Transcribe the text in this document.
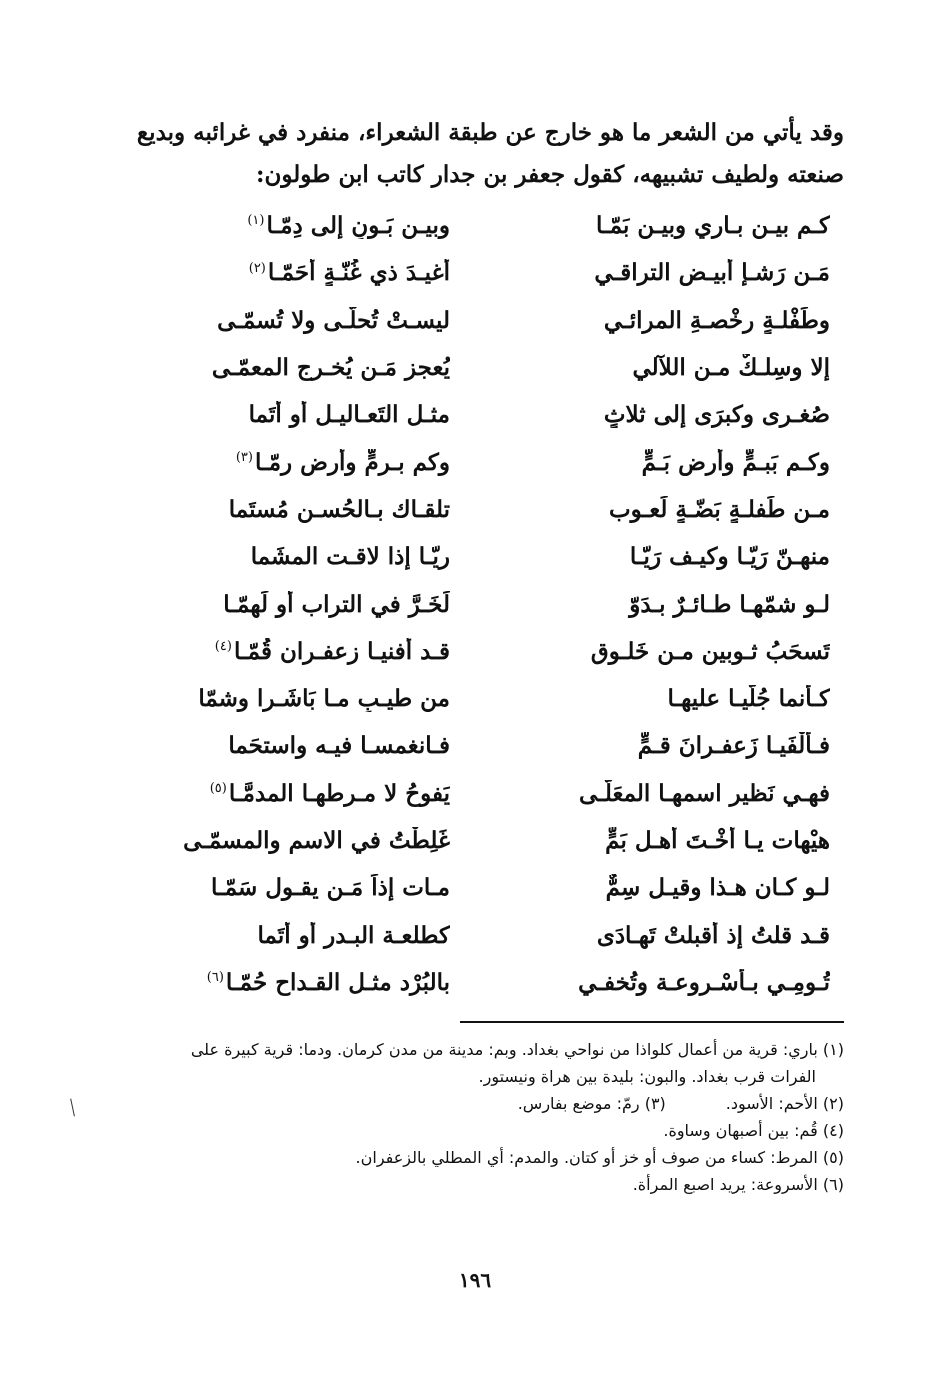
وقد يأتي من الشعر ما هو خارج عن طبقة الشعراء، منفرد في غرائبه وبديع

صنعته ولطيف تشبيهه، كقول جعفر بن جدار كاتب ابن طولون:

كـم بيـن بـاري وبيـن بَمّـا
وبيـن بَـونٍ إلى دِمّـا$^{(١)}$
مَـن رَشـإ أبيـض التراقـي
أغيـدَ ذي غُنّـةٍ أحَمّـا$^{(٢)}$
وطَفْلـةٍ رخْصـةِ المرائـي
ليسـتْ تُحلّـى ولا تُسمّـى
إلا وسِلـكٌ مـن اللآلي
يُعجز مَـن يُخـرج المعمّـى
صُغـرى وكبرَى إلى ثلاثٍ
مثـل التَعـاليـل أو أتَما
وكـم بَبـمٍّ وأرض بَـمٍّ
وكم بـرمٍّ وأرض رمّـا$^{(٣)}$
مـن طَفلـةٍ بَضّـةٍ لَعـوب
تلقـاك بـالحُسـن مُستَما
منهـنّ رَيّـا وكيـف رَيّـا
ريّـا إذا لاقـت المشَما
لـو شمّهـا طـائـرٌ بـدَوّ
لَخَـرَّ في التراب أو لَهمّـا
تَسحَبُ ثـوبين مـن خَلـوق
قـد أفنيـا زعفـران قُمّـا$^{(٤)}$
كـأنما جُلّيـا عليهـا
من طيـبِ مـا بَاشَـرا وشمّا
فـألْفَيـا زَعفـرانَ قـمٍّ
فـانغمسـا فيـه واستحَما
فهـي نَظير اسمهـا المعَلّـى
يَفوحُ لا مـرطهـا المدمَّـا$^{(٥)}$
هيْهات يـا أخْـتَ أهـل بَمٍّ
غَلِطْتُ في الاسم والمسمّـى
لـو كـان هـذا وقيـل سِمٌّ
مـات إذاً مَـن يقـول سَمّـا
قـد قلتُ إذ أقبلتْ تَهـادَى
كطلعـة البـدر أو أتَما
تُـومِـي بـأسْـروعـة وتُخفـي
بالبُرْد مثـل القـداح حُمّـا$^{(٦)}$

(١) باري: قرية من أعمال كلواذا من نواحي بغداد. وبم: مدينة من مدن كرمان. ودما: قرية كبيرة على

الفرات قرب بغداد. والبون: بليدة بين هراة ونيستور.

(٢) الأحم: الأسود.

(٣) رمّ: موضع بفارس.

(٤) قُم: بين أصبهان وساوة.

(٥) المرط: كساء من صوف أو خز أو كتان. والمدم: أي المطلي بالزعفران.

(٦) الأسروعة: يريد اصبع المرأة.

١٩٦
